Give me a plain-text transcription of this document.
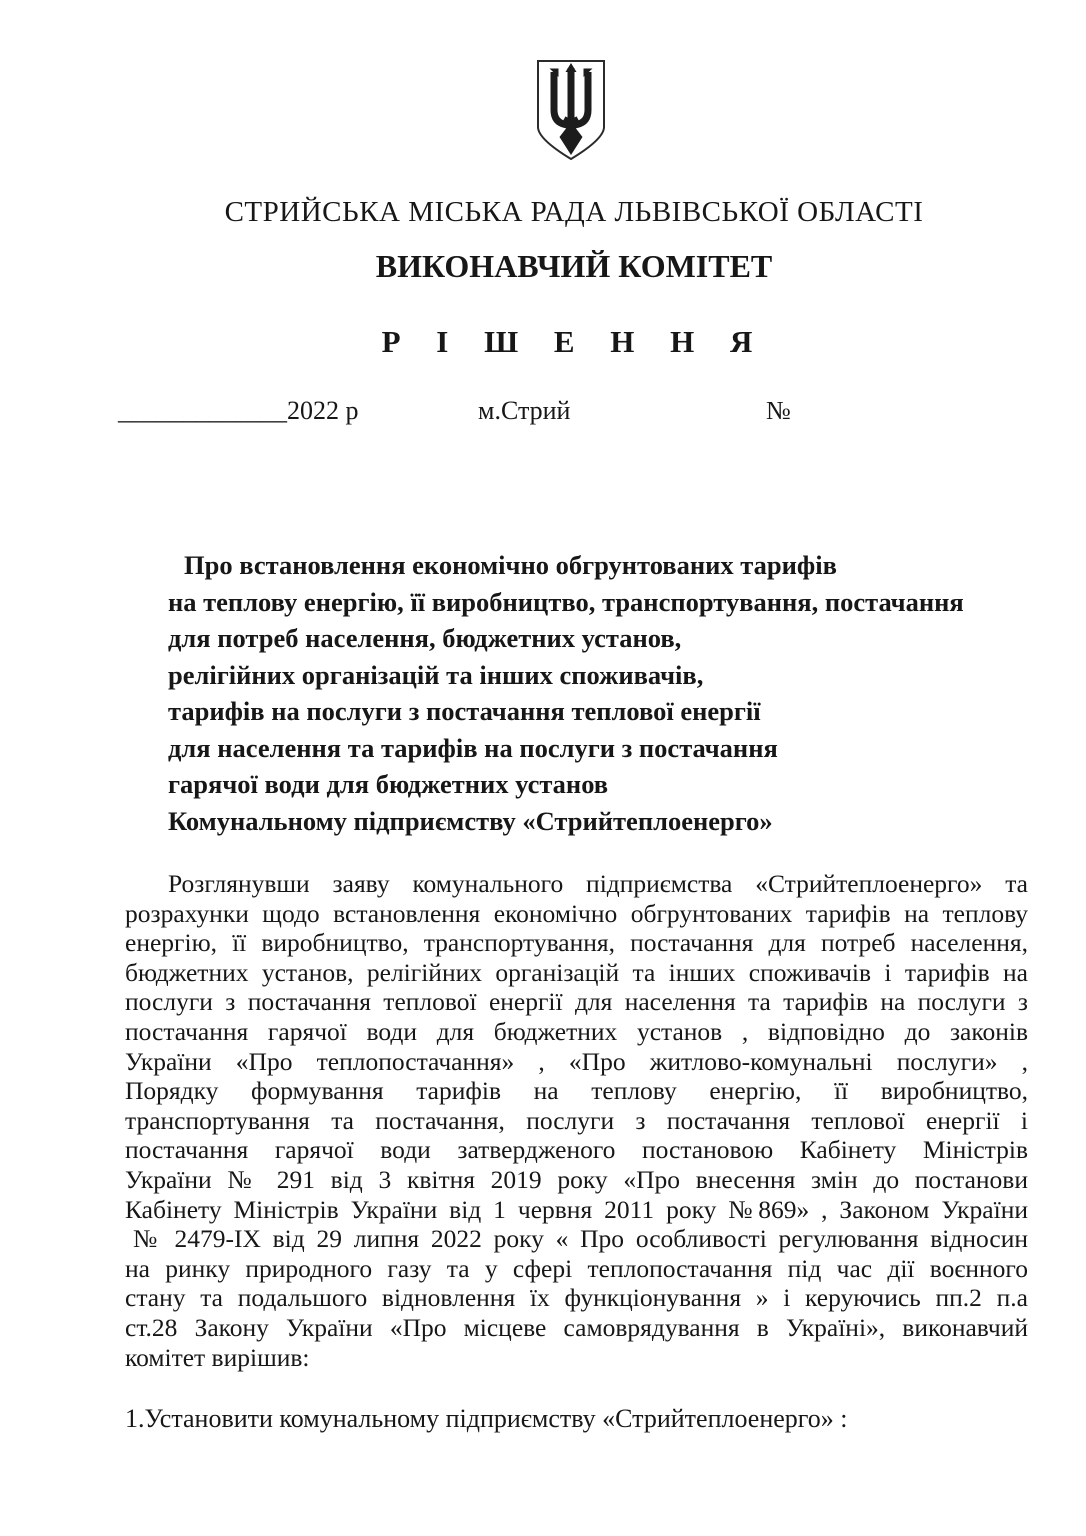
СТРИЙСЬКА МІСЬКА РАДА ЛЬВІВСЬКОЇ ОБЛАСТІ
ВИКОНАВЧИЙ КОМІТЕТ
Р І Ш Е Н Н Я
_____________2022 р	м.Стрий	№
Про встановлення економічно обгрунтованих тарифів
на теплову енергію, її виробництво, транспортування, постачання
для потреб населення, бюджетних установ,
релігійних організацій та інших споживачів,
тарифів на послуги з постачання теплової енергії
для населення та тарифів на послуги з постачання
гарячої води для бюджетних установ
Комунальному підприємству «Стрийтеплоенерго»
Розглянувши заяву комунального підприємства «Стрийтеплоенерго» та
розрахунки щодо встановлення економічно обгрунтованих тарифів на теплову
енергію, її виробництво, транспортування, постачання для потреб населення,
бюджетних установ, релігійних організацій та інших споживачів і тарифів на
послуги з постачання теплової енергії для населення та тарифів на послуги з
постачання гарячої води для бюджетних установ , відповідно до законів
України «Про теплопостачання» , «Про житлово-комунальні послуги» ,
Порядку формування тарифів на теплову енергію, її виробництво,
транспортування та постачання, послуги з постачання теплової енергії і
постачання гарячої води затвердженого постановою Кабінету Міністрів
України № 291 від 3 квітня 2019 року «Про внесення змін до постанови
Кабінету Міністрів України від 1 червня 2011 року №869» , Законом України
№ 2479-IX від 29 липня 2022 року « Про особливості регулювання відносин
на ринку природного газу та у сфері теплопостачання під час дії воєнного
стану та подальшого відновлення їх функціонування » і керуючись пп.2 п.а
ст.28 Закону України «Про місцеве самоврядування в Україні», виконавчий
комітет вирішив:
1.Установити комунальному підприємству «Стрийтеплоенерго» :
